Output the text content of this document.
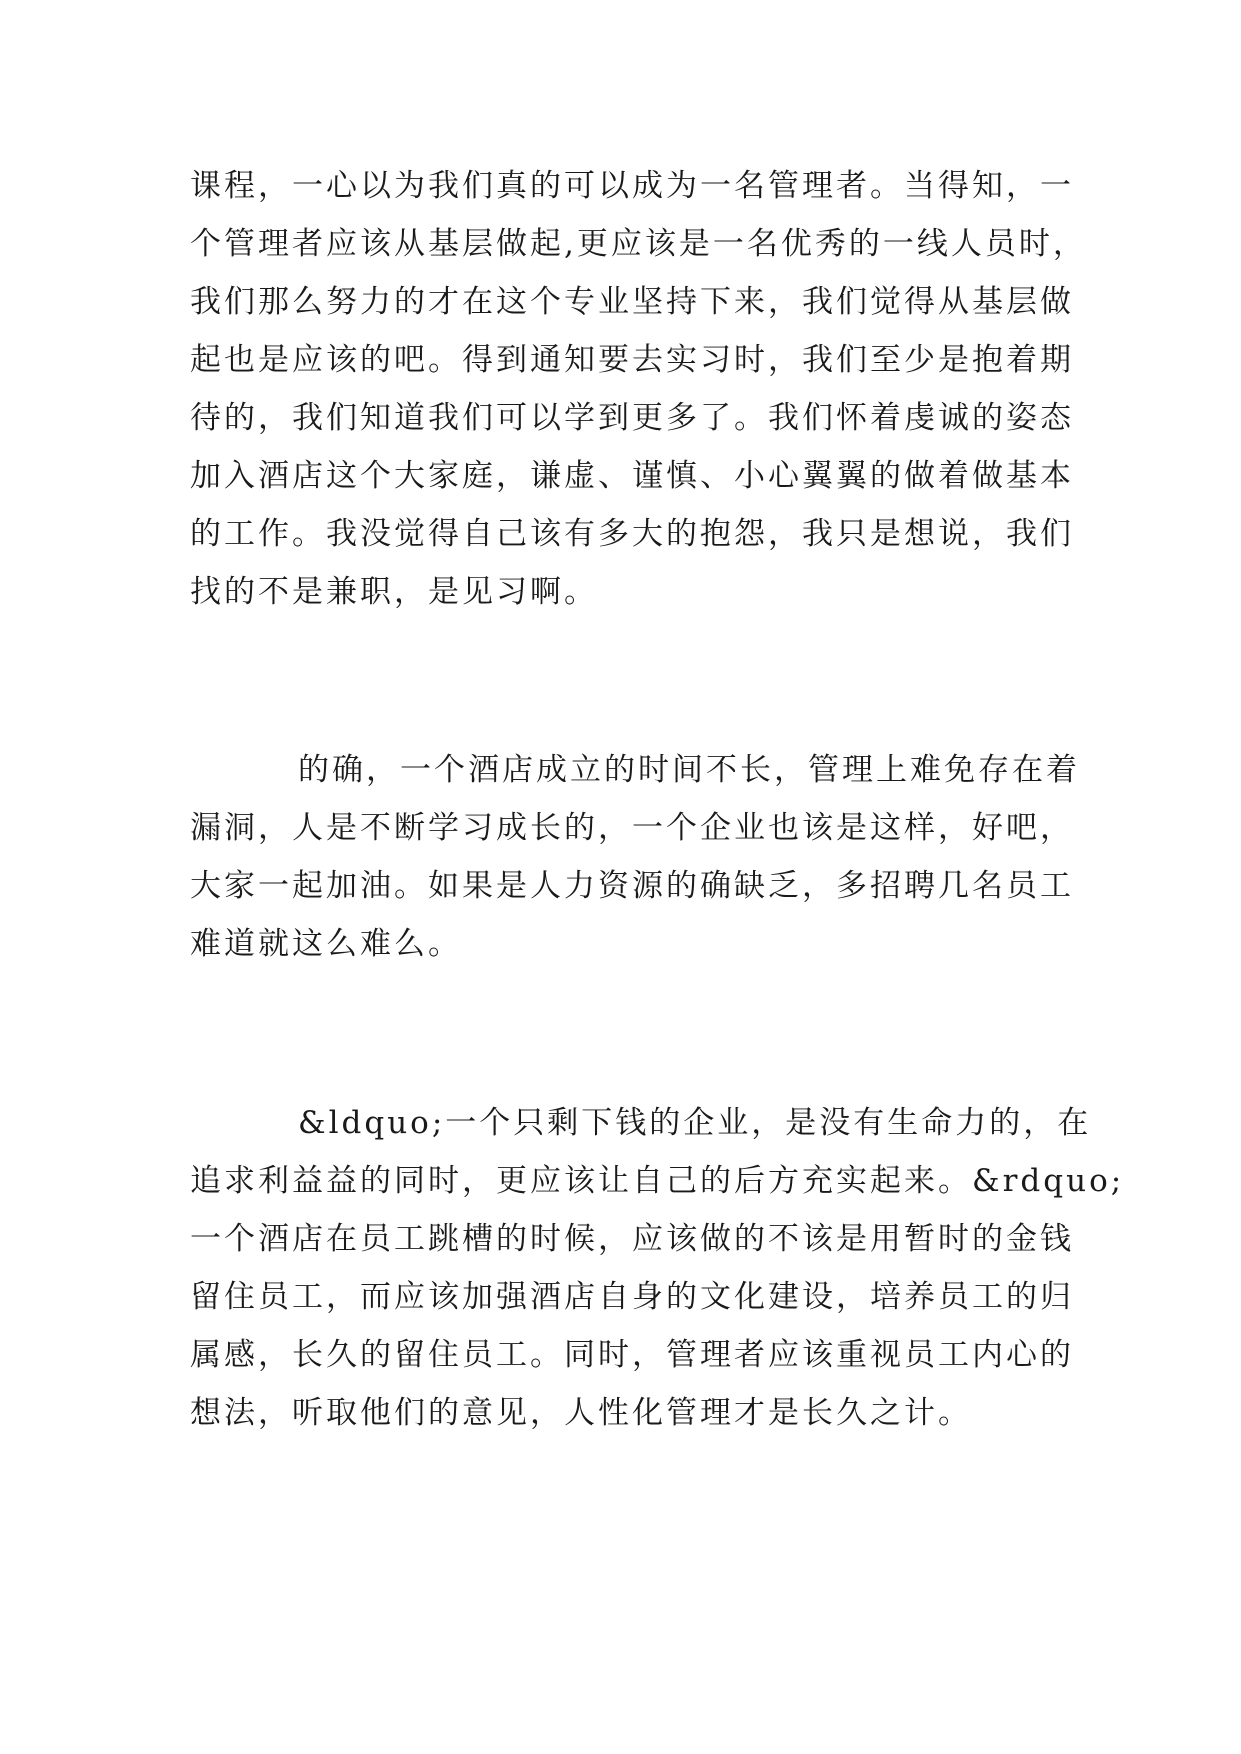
课程，一心以为我们真的可以成为一名管理者。当得知，一
个管理者应该从基层做起,更应该是一名优秀的一线人员时，
我们那么努力的才在这个专业坚持下来，我们觉得从基层做
起也是应该的吧。得到通知要去实习时，我们至少是抱着期
待的，我们知道我们可以学到更多了。我们怀着虔诚的姿态
加入酒店这个大家庭，谦虚、谨慎、小心翼翼的做着做基本
的工作。我没觉得自己该有多大的抱怨，我只是想说，我们
找的不是兼职，是见习啊。
的确，一个酒店成立的时间不长，管理上难免存在着
漏洞，人是不断学习成长的，一个企业也该是这样，好吧，
大家一起加油。如果是人力资源的确缺乏，多招聘几名员工
难道就这么难么。
&ldquo;一个只剩下钱的企业，是没有生命力的，在
追求利益益的同时，更应该让自己的后方充实起来。&rdquo;
一个酒店在员工跳槽的时候，应该做的不该是用暂时的金钱
留住员工，而应该加强酒店自身的文化建设，培养员工的归
属感，长久的留住员工。同时，管理者应该重视员工内心的
想法，听取他们的意见，人性化管理才是长久之计。
